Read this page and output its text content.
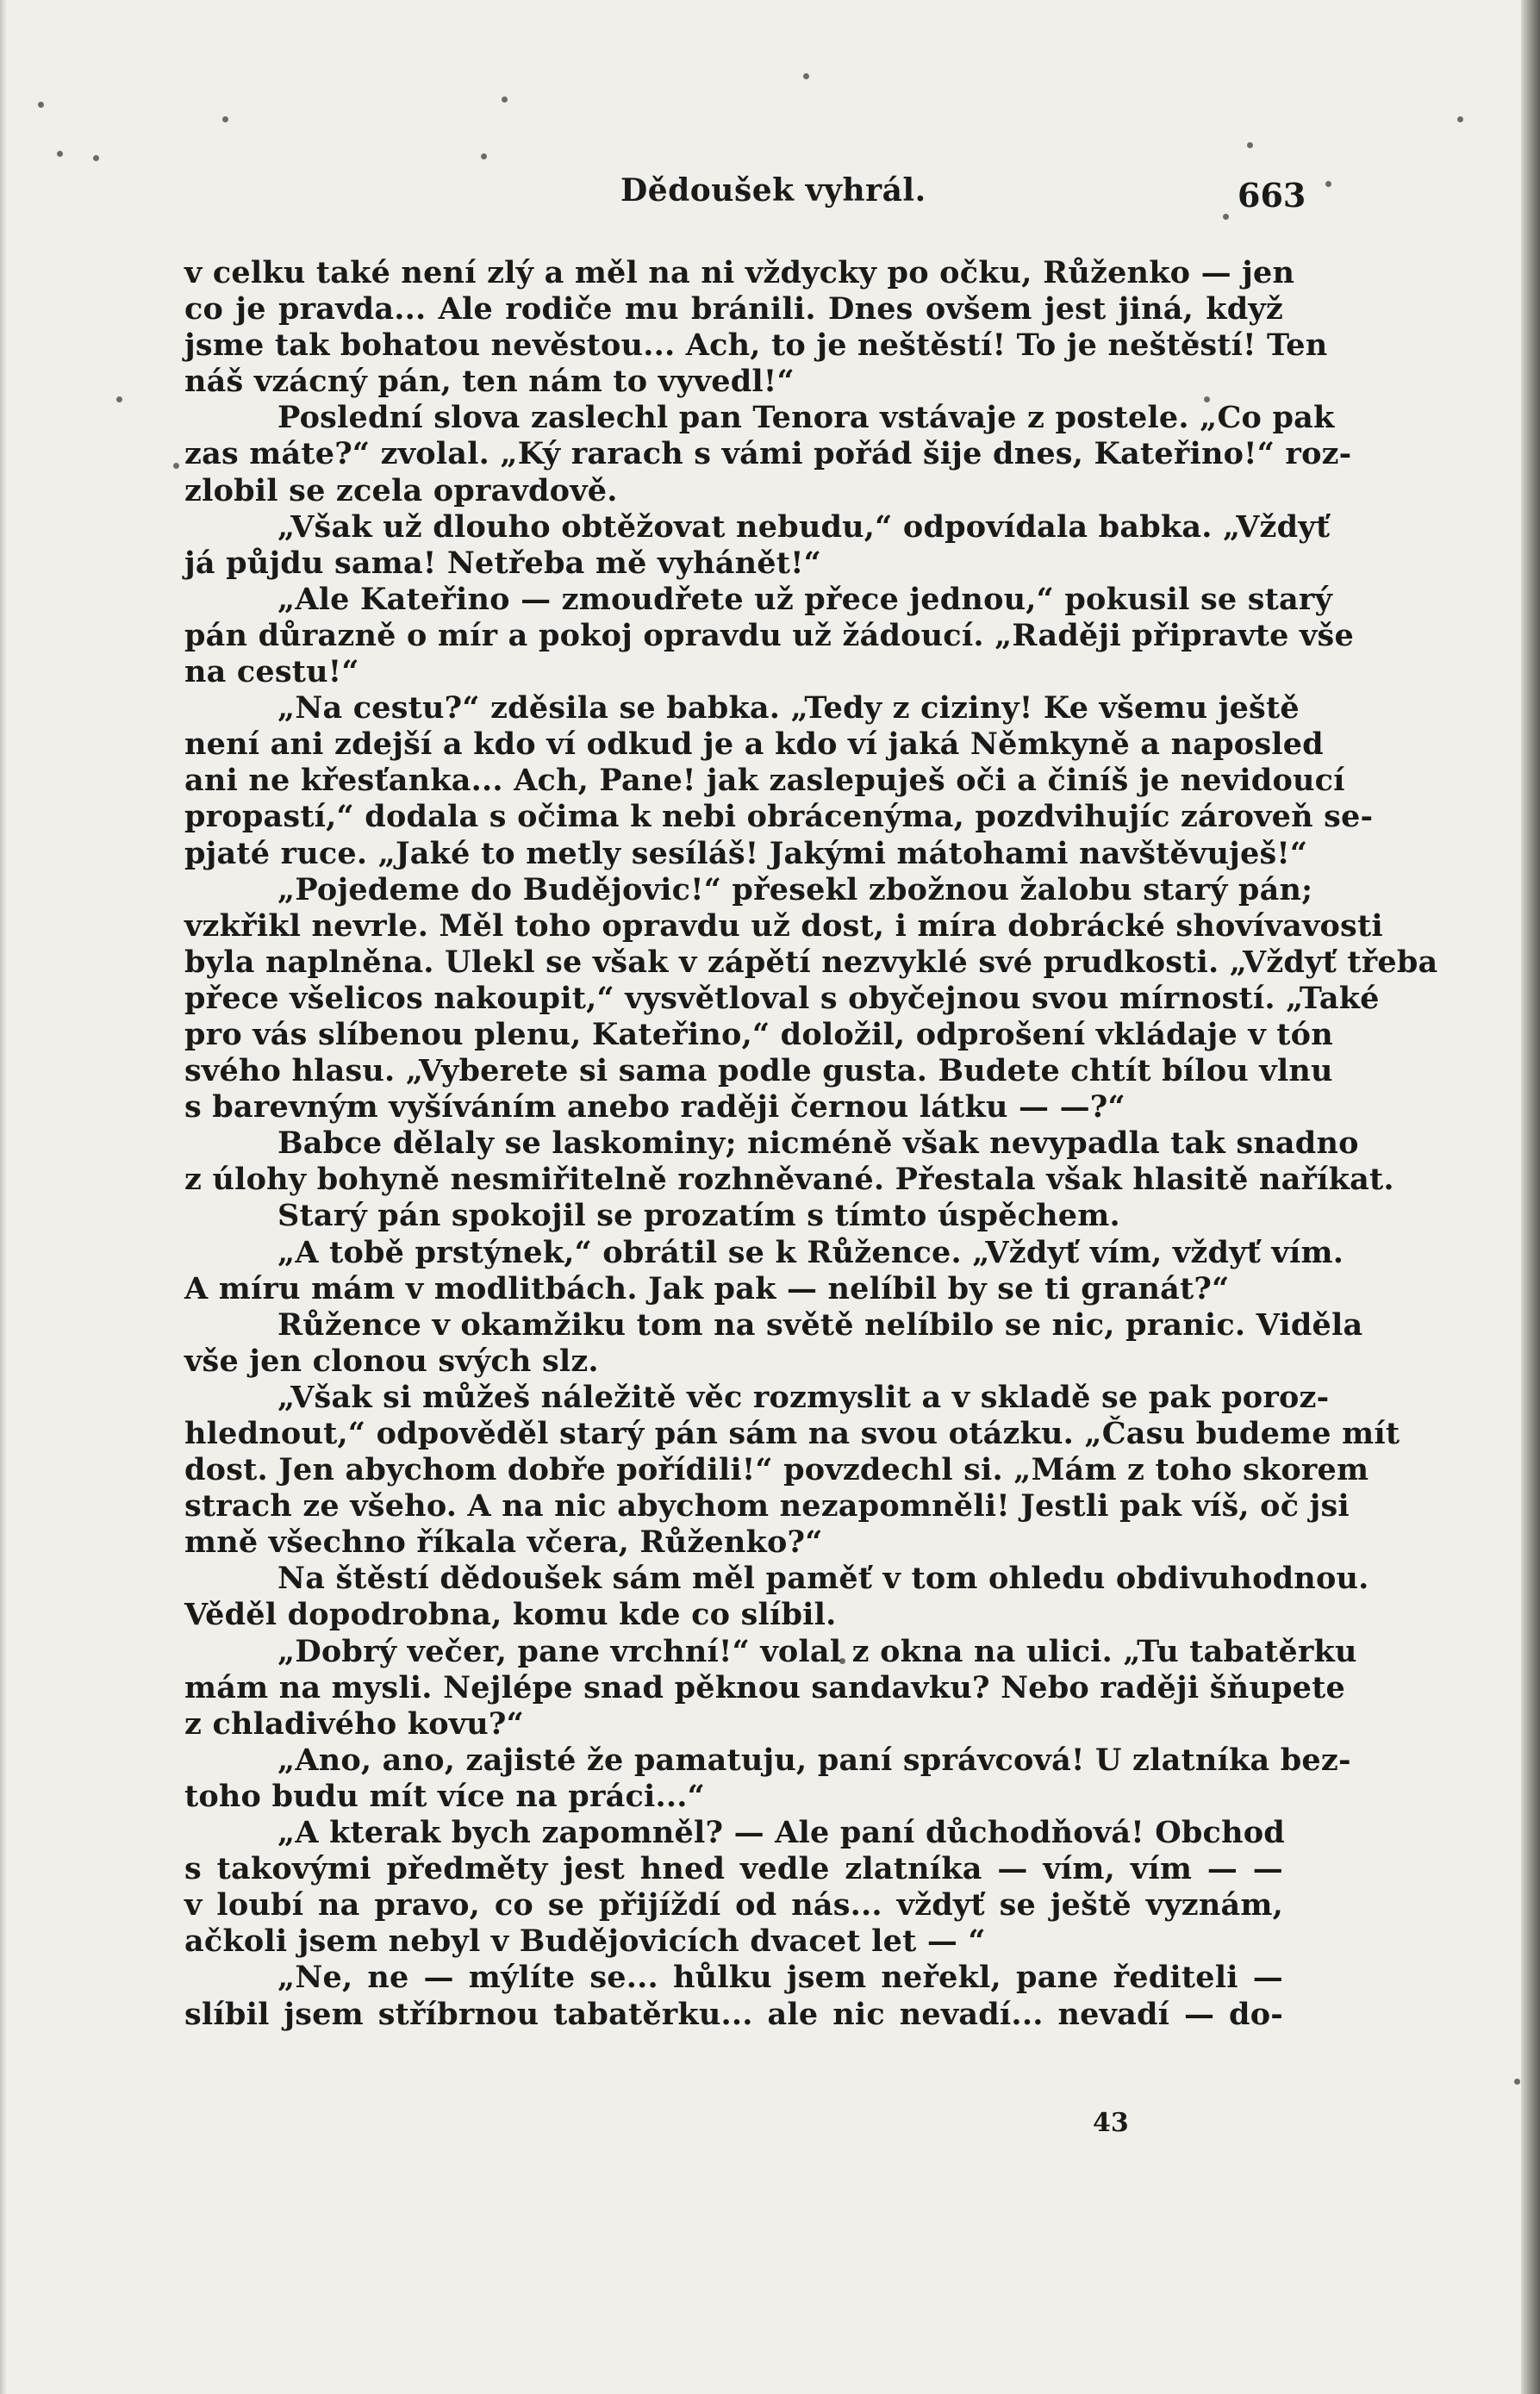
Dědoušek vyhrál.	663
v celku také není zlý a měl na ni vždycky po očku, Růženko — jen
co je pravda... Ale rodiče mu bránili. Dnes ovšem jest jiná, když
jsme tak bohatou nevěstou... Ach, to je neštěstí! To je neštěstí! Ten
náš vzácný pán, ten nám to vyvedl!“
Poslední slova zaslechl pan Tenora vstávaje z postele. „Co pak
zas máte?“ zvolal. „Ký rarach s vámi pořád šije dnes, Kateřino!“ roz-
zlobil se zcela opravdově.
„Však už dlouho obtěžovat nebudu,“ odpovídala babka. „Vždyť
já půjdu sama! Netřeba mě vyhánět!“
„Ale Kateřino — zmoudřete už přece jednou,“ pokusil se starý
pán důrazně o mír a pokoj opravdu už žádoucí. „Raději připravte vše
na cestu!“
„Na cestu?“ zděsila se babka. „Tedy z ciziny! Ke všemu ještě
není ani zdejší a kdo ví odkud je a kdo ví jaká Němkyně a naposled
ani ne křesťanka... Ach, Pane! jak zaslepuješ oči a činíš je nevidoucí
propastí,“ dodala s očima k nebi obrácenýma, pozdvihujíc zároveň se-
pjaté ruce. „Jaké to metly sesíláš! Jakými mátohami navštěvuješ!“
„Pojedeme do Budějovic!“ přesekl zbožnou žalobu starý pán;
vzkřikl nevrle. Měl toho opravdu už dost, i míra dobrácké shovívavosti
byla naplněna. Ulekl se však v zápětí nezvyklé své prudkosti. „Vždyť třeba
přece všelicos nakoupit,“ vysvětloval s obyčejnou svou mírností. „Také
pro vás slíbenou plenu, Kateřino,“ doložil, odprošení vkládaje v tón
svého hlasu. „Vyberete si sama podle gusta. Budete chtít bílou vlnu
s barevným vyšíváním anebo raději černou látku — —?“
Babce dělaly se laskominy; nicméně však nevypadla tak snadno
z úlohy bohyně nesmiřitelně rozhněvané. Přestala však hlasitě naříkat.
Starý pán spokojil se prozatím s tímto úspěchem.
„A tobě prstýnek,“ obrátil se k Růžence. „Vždyť vím, vždyť vím.
A míru mám v modlitbách. Jak pak — nelíbil by se ti granát?“
Růžence v okamžiku tom na světě nelíbilo se nic, pranic. Viděla
vše jen clonou svých slz.
„Však si můžeš náležitě věc rozmyslit a v skladě se pak poroz-
hlednout,“ odpověděl starý pán sám na svou otázku. „Času budeme mít
dost. Jen abychom dobře pořídili!“ povzdechl si. „Mám z toho skorem
strach ze všeho. A na nic abychom nezapomněli! Jestli pak víš, oč jsi
mně všechno říkala včera, Růženko?“
Na štěstí dědoušek sám měl paměť v tom ohledu obdivuhodnou.
Věděl dopodrobna, komu kde co slíbil.
„Dobrý večer, pane vrchní!“ volal z okna na ulici. „Tu tabatěrku
mám na mysli. Nejlépe snad pěknou sandavku? Nebo raději šňupete
z chladivého kovu?“
„Ano, ano, zajisté že pamatuju, paní správcová! U zlatníka bez-
toho budu mít více na práci...“
„A kterak bych zapomněl? — Ale paní důchodňová! Obchod
s takovými předměty jest hned vedle zlatníka — vím, vím — —
v loubí na pravo, co se přijíždí od nás... vždyť se ještě vyznám,
ačkoli jsem nebyl v Budějovicích dvacet let — “
„Ne, ne — mýlíte se... hůlku jsem neřekl, pane řediteli —
slíbil jsem stříbrnou tabatěrku... ale nic nevadí... nevadí — do-
43
